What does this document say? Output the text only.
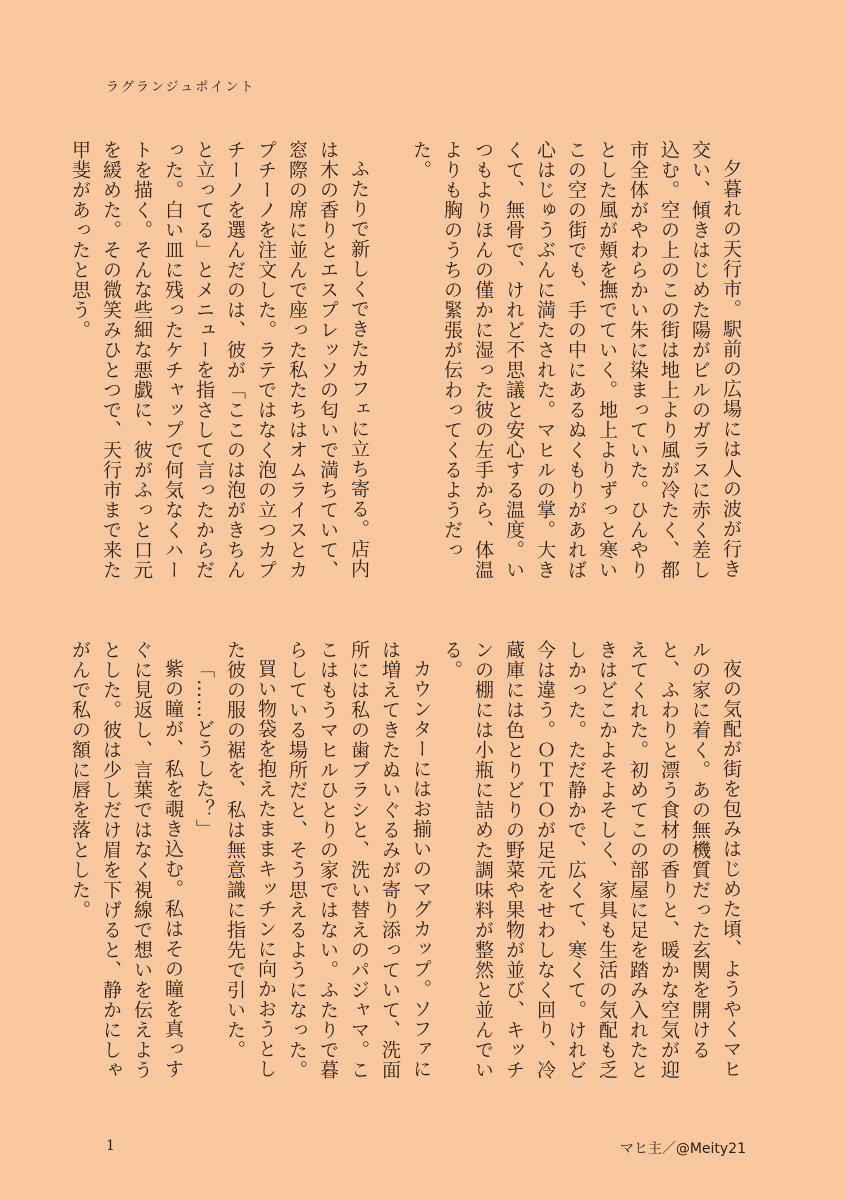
ラグランジュポイント

夕暮れの天行市。駅前の広場には人の波が行き交い、傾きはじめた陽がビルのガラスに赤く差し込む。空の上のこの街は地上より風が冷たく、都市全体がやわらかい朱に染まっていた。ひんやりとした風が頬を撫でていく。地上よりずっと寒いこの空の街でも、手の中にあるぬくもりがあれば心はじゅうぶんに満たされた。マヒルの掌。大きくて、無骨で、けれど不思議と安心する温度。いつもよりほんの僅かに湿った彼の左手から、体温よりも胸のうちの緊張が伝わってくるようだった。

ふたりで新しくできたカフェに立ち寄る。店内は木の香りとエスプレッソの匂いで満ちていて、窓際の席に並んで座った私たちはオムライスとカプチーノを注文した。ラテではなく泡の立つカプチーノを選んだのは、彼が「ここのは泡がきちんと立ってる」とメニューを指さして言ったからだった。白い皿に残ったケチャップで何気なくハートを描く。そんな些細な悪戯に、彼がふっと口元を緩めた。その微笑みひとつで、天行市まで来た甲斐があったと思う。

夜の気配が街を包みはじめた頃、ようやくマヒルの家に着く。あの無機質だった玄関を開けると、ふわりと漂う食材の香りと、暖かな空気が迎えてくれた。初めてこの部屋に足を踏み入れたときはどこかよそよそしく、家具も生活の気配も乏しかった。ただ静かで、広くて、寒くて。けれど今は違う。ＯＴＴＯが足元をせわしなく回り、冷蔵庫には色とりどりの野菜や果物が並び、キッチンの棚には小瓶に詰めた調味料が整然と並んでいる。

カウンターにはお揃いのマグカップ。ソファには増えてきたぬいぐるみが寄り添っていて、洗面所には私の歯ブラシと、洗い替えのパジャマ。ここはもうマヒルひとりの家ではない。ふたりで暮らしている場所だと、そう思えるようになった。

買い物袋を抱えたままキッチンに向かおうとした彼の服の裾を、私は無意識に指先で引いた。

「……どうした？」

紫の瞳が、私を覗き込む。私はその瞳を真っすぐに見返し、言葉ではなく視線で想いを伝えようとした。彼は少しだけ眉を下げると、静かにしゃがんで私の額に唇を落とした。

1	マヒ主／@Meity21
